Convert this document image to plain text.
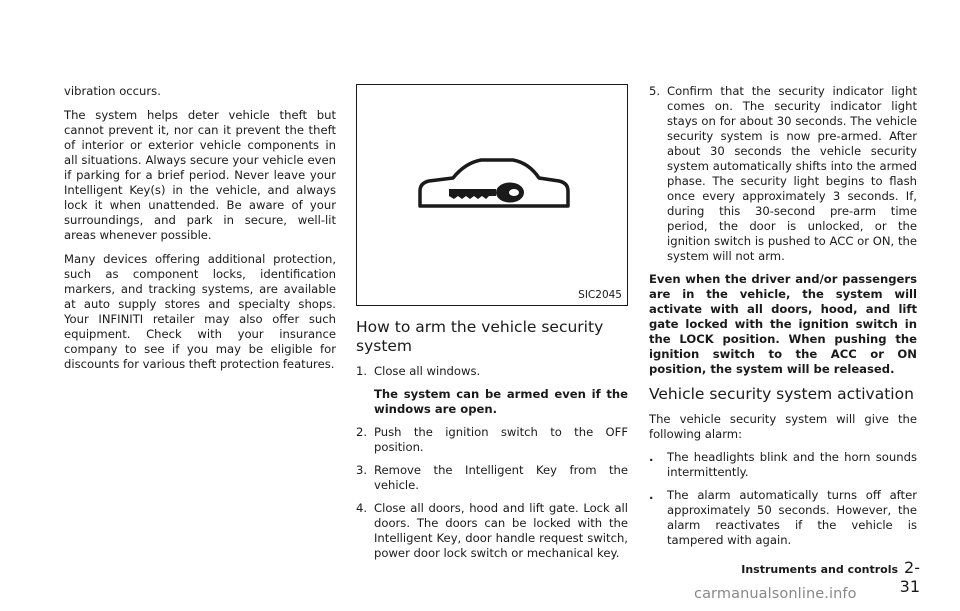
vibration occurs.

The system helps deter vehicle theft but cannot prevent it, nor can it prevent the theft of interior or exterior vehicle components in all situations. Always secure your vehicle even if parking for a brief period. Never leave your Intelligent Key(s) in the vehicle, and always lock it when unattended. Be aware of your surroundings, and park in secure, well-lit areas whenever possible.

Many devices offering additional protection, such as component locks, identification markers, and tracking systems, are available at auto supply stores and specialty shops. Your INFINITI retailer may also offer such equipment. Check with your insurance company to see if you may be eligible for discounts for various theft protection features.

SIC2045
How to arm the vehicle security system
1. Close all windows.

The system can be armed even if the windows are open.

2. Push the ignition switch to the OFF position.
3. Remove the Intelligent Key from the vehicle.
4. Close all doors, hood and lift gate. Lock all doors. The doors can be locked with the Intelligent Key, door handle request switch, power door lock switch or mechanical key.
5. Confirm that the security indicator light comes on. The security indicator light stays on for about 30 seconds. The vehicle security system is now pre-armed. After about 30 seconds the vehicle security system automatically shifts into the armed phase. The security light begins to flash once every approximately 3 seconds. If, during this 30-second pre-arm time period, the door is unlocked, or the ignition switch is pushed to ACC or ON, the system will not arm.

Even when the driver and/or passengers are in the vehicle, the system will activate with all doors, hood, and lift gate locked with the ignition switch in the LOCK position. When pushing the ignition switch to the ACC or ON position, the system will be released.

Vehicle security system activation

The vehicle security system will give the following alarm:

.	The headlights blink and the horn sounds intermittently.
.	The alarm automatically turns off after approximately 50 seconds. However, the alarm reactivates if the vehicle is tampered with again.
Instruments and controls 2-31
carmanualsonline.info
